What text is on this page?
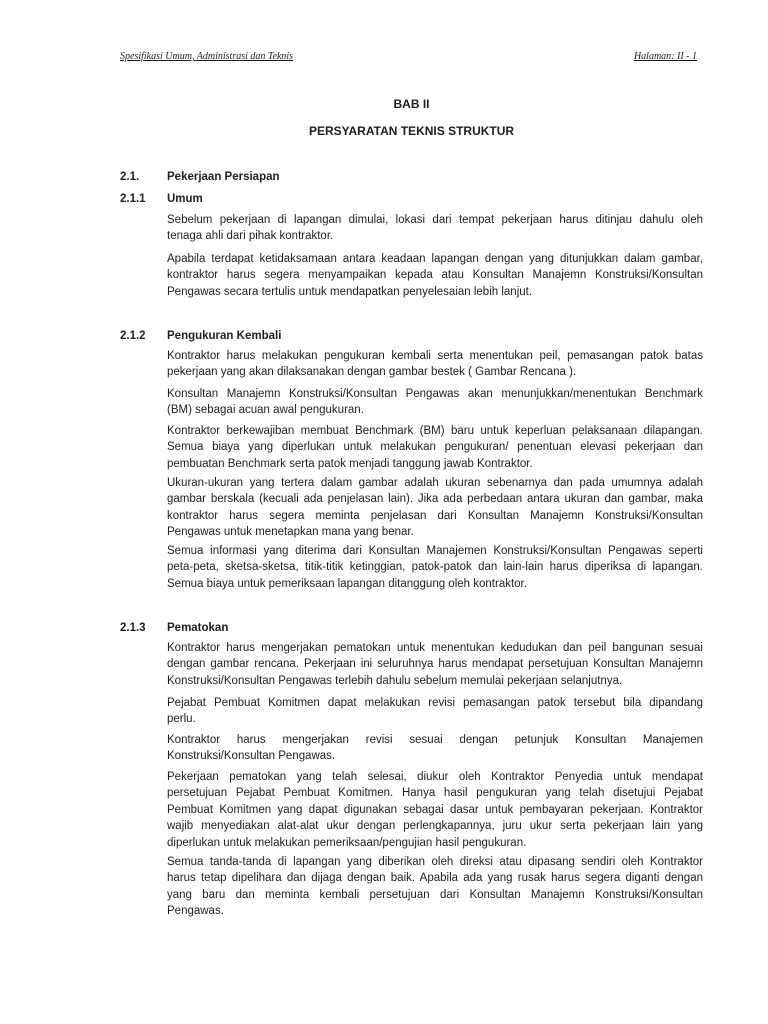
Spesifikasi Umum, Administrasi dan Teknis	Halaman: II - 1
BAB II
PERSYARATAN TEKNIS STRUKTUR
2.1. Pekerjaan Persiapan
2.1.1 Umum
Sebelum pekerjaan di lapangan dimulai, lokasi dari tempat pekerjaan harus ditinjau dahulu oleh
tenaga ahli dari pihak kontraktor.
Apabila terdapat ketidaksamaan antara keadaan lapangan dengan yang ditunjukkan dalam gambar,
kontraktor harus segera menyampaikan kepada atau Konsultan Manajemn Konstruksi/Konsultan
Pengawas secara tertulis untuk mendapatkan penyelesaian lebih lanjut.
2.1.2 Pengukuran Kembali
Kontraktor harus melakukan pengukuran kembali serta menentukan peil, pemasangan patok batas
pekerjaan yang akan dilaksanakan dengan gambar bestek ( Gambar Rencana ).
Konsultan Manajemn Konstruksi/Konsultan Pengawas akan menunjukkan/menentukan Benchmark
(BM) sebagai acuan awal pengukuran.
Kontraktor berkewajiban membuat Benchmark (BM) baru untuk keperluan pelaksanaan dilapangan.
Semua biaya yang diperlukan untuk melakukan pengukuran/ penentuan elevasi pekerjaan dan
pembuatan Benchmark serta patok menjadi tanggung jawab Kontraktor.
Ukuran-ukuran yang tertera dalam gambar adalah ukuran sebenarnya dan pada umumnya adalah
gambar berskala (kecuali ada penjelasan lain). Jika ada perbedaan antara ukuran dan gambar, maka
kontraktor harus segera meminta penjelasan dari Konsultan Manajemn Konstruksi/Konsultan
Pengawas untuk menetapkan mana yang benar.
Semua informasi yang diterima dari Konsultan Manajemen Konstruksi/Konsultan Pengawas seperti
peta-peta, sketsa-sketsa, titik-titik ketinggian, patok-patok dan lain-lain harus diperiksa di lapangan.
Semua biaya untuk pemeriksaan lapangan ditanggung oleh kontraktor.
2.1.3 Pematokan
Kontraktor harus mengerjakan pematokan untuk menentukan kedudukan dan peil bangunan sesuai
dengan gambar rencana. Pekerjaan ini seluruhnya harus mendapat persetujuan Konsultan Manajemn
Konstruksi/Konsultan Pengawas terlebih dahulu sebelum memulai pekerjaan selanjutnya.
Pejabat Pembuat Komitmen dapat melakukan revisi pemasangan patok tersebut bila dipandang
perlu.
Kontraktor harus mengerjakan revisi sesuai dengan petunjuk Konsultan Manajemen
Konstruksi/Konsultan Pengawas.
Pekerjaan pematokan yang telah selesai, diukur oleh Kontraktor Penyedia untuk mendapat
persetujuan Pejabat Pembuat Komitmen. Hanya hasil pengukuran yang telah disetujui Pejabat
Pembuat Komitmen yang dapat digunakan sebagai dasar untuk pembayaran pekerjaan. Kontraktor
wajib menyediakan alat-alat ukur dengan perlengkapannya, juru ukur serta pekerjaan lain yang
diperlukan untuk melakukan pemeriksaan/pengujian hasil pengukuran.
Semua tanda-tanda di lapangan yang diberikan oleh direksi atau dipasang sendiri oleh Kontraktor
harus tetap dipelihara dan dijaga dengan baik. Apabila ada yang rusak harus segera diganti dengan
yang baru dan meminta kembali persetujuan dari Konsultan Manajemn Konstruksi/Konsultan
Pengawas.
